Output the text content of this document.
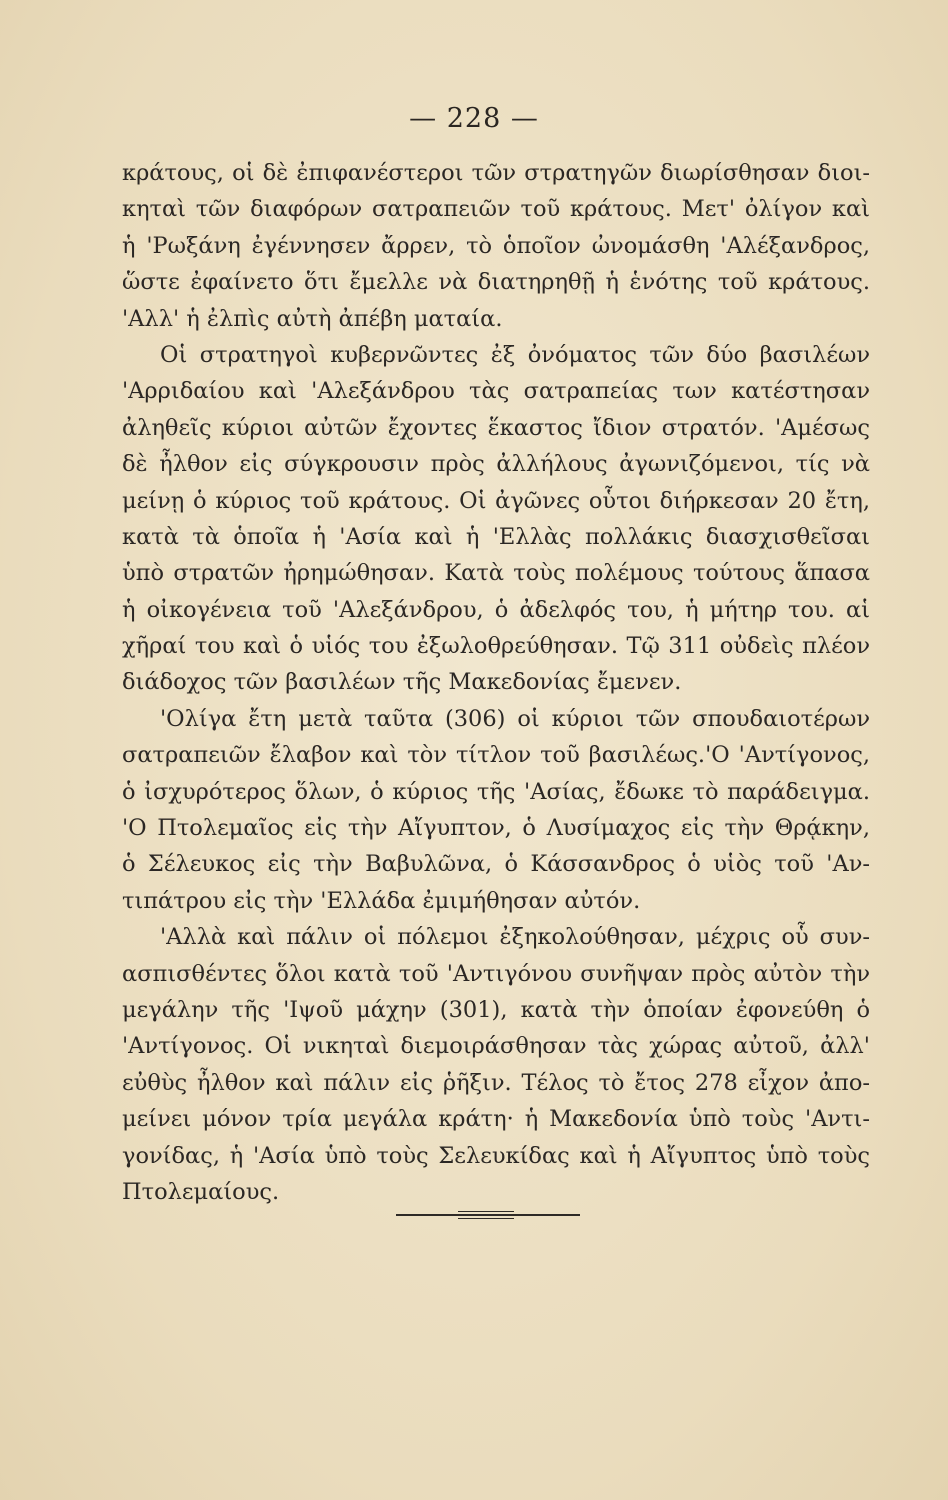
— 228 —
κράτους, οἱ δὲ ἐπιφανέστεροι τῶν στρατηγῶν διωρίσθησαν διοι-
κηταὶ τῶν διαφόρων σατραπειῶν τοῦ κράτους. Μετ' ὀλίγον καὶ
ἡ 'Ρωξάνη ἐγέννησεν ἄρρεν, τὸ ὁποῖον ὠνομάσθη 'Αλέξανδρος,
ὥστε ἐφαίνετο ὅτι ἔμελλε νὰ διατηρηθῇ ἡ ἑνότης τοῦ κράτους.
'Αλλ' ἡ ἐλπὶς αὐτὴ ἀπέβη ματαία.
Οἱ στρατηγοὶ κυβερνῶντες ἐξ ὀνόματος τῶν δύο βασιλέων
'Αρριδαίου καὶ 'Αλεξάνδρου τὰς σατραπείας των κατέστησαν
ἀληθεῖς κύριοι αὐτῶν ἔχοντες ἕκαστος ἴδιον στρατόν. 'Αμέσως
δὲ ἦλθον εἰς σύγκρουσιν πρὸς ἀλλήλους ἀγωνιζόμενοι, τίς νὰ
μείνῃ ὁ κύριος τοῦ κράτους. Οἱ ἀγῶνες οὗτοι διήρκεσαν 20 ἔτη,
κατὰ τὰ ὁποῖα ἡ 'Ασία καὶ ἡ 'Ελλὰς πολλάκις διασχισθεῖσαι
ὑπὸ στρατῶν ἠρημώθησαν. Κατὰ τοὺς πολέμους τούτους ἅπασα
ἡ οἰκογένεια τοῦ 'Αλεξάνδρου, ὁ ἀδελφός του, ἡ μήτηρ του. αἱ
χῆραί του καὶ ὁ υἱός του ἐξωλοθρεύθησαν. Τῷ 311 οὐδεὶς πλέον
διάδοχος τῶν βασιλέων τῆς Μακεδονίας ἔμενεν.
'Ολίγα ἔτη μετὰ ταῦτα (306) οἱ κύριοι τῶν σπουδαιοτέρων
σατραπειῶν ἔλαβον καὶ τὸν τίτλον τοῦ βασιλέως.'Ο 'Αντίγονος,
ὁ ἰσχυρότερος ὅλων, ὁ κύριος τῆς 'Ασίας, ἔδωκε τὸ παράδειγμα.
'Ο Πτολεμαῖος εἰς τὴν Αἴγυπτον, ὁ Λυσίμαχος εἰς τὴν Θρᾴκην,
ὁ Σέλευκος εἰς τὴν Βαβυλῶνα, ὁ Κάσσανδρος ὁ υἱὸς τοῦ 'Αν-
τιπάτρου εἰς τὴν 'Ελλάδα ἐμιμήθησαν αὐτόν.
'Αλλὰ καὶ πάλιν οἱ πόλεμοι ἐξηκολούθησαν, μέχρις οὗ συν-
ασπισθέντες ὅλοι κατὰ τοῦ 'Αντιγόνου συνῆψαν πρὸς αὐτὸν τὴν
μεγάλην τῆς 'Ιψοῦ μάχην (301), κατὰ τὴν ὁποίαν ἐφονεύθη ὁ
'Αντίγονος. Οἱ νικηταὶ διεμοιράσθησαν τὰς χώρας αὐτοῦ, ἀλλ'
εὐθὺς ἦλθον καὶ πάλιν εἰς ῥῆξιν. Τέλος τὸ ἔτος 278 εἶχον ἀπο-
μείνει μόνον τρία μεγάλα κράτη· ἡ Μακεδονία ὑπὸ τοὺς 'Αντι-
γονίδας, ἡ 'Ασία ὑπὸ τοὺς Σελευκίδας καὶ ἡ Αἴγυπτος ὑπὸ τοὺς
Πτολεμαίους.
